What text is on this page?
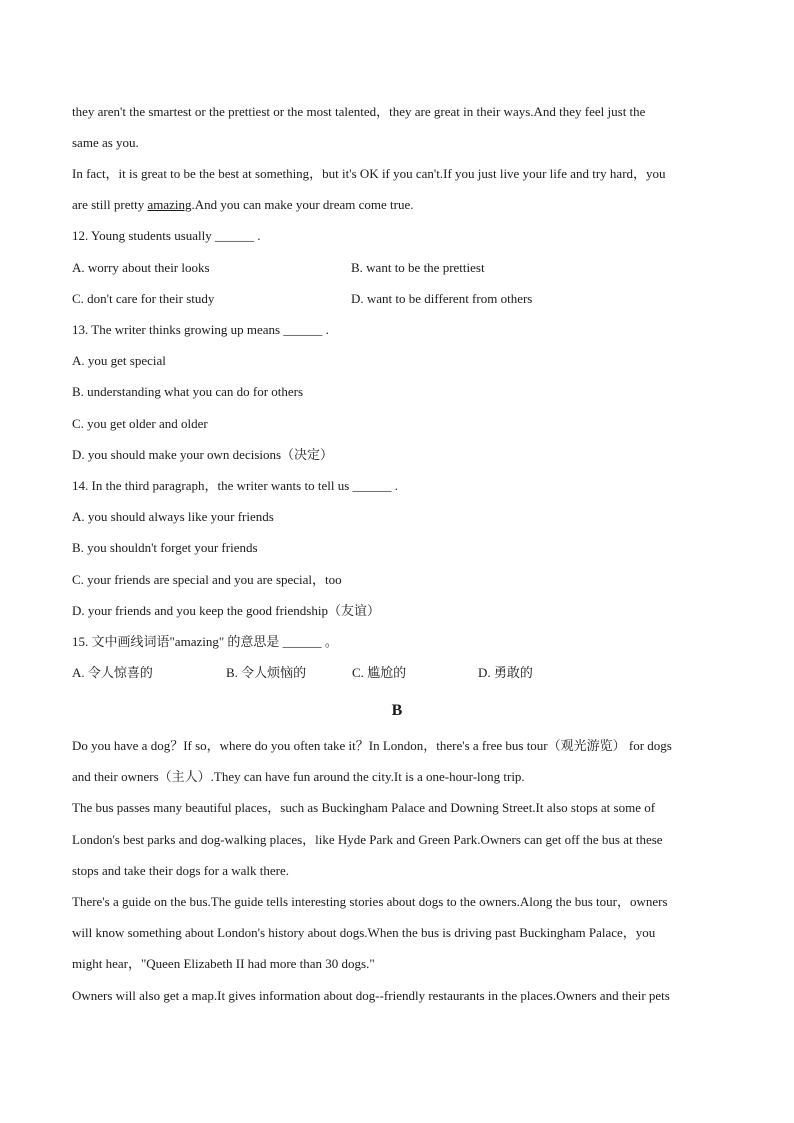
they aren't the smartest or the prettiest or the most talented，they are great in their ways.And they feel just the
same as you.
In fact，it is great to be the best at something，but it's OK if you can't.If you just live your life and try hard，you
are still pretty amazing.And you can make your dream come true.
12. Young students usually ______ .
A. worry about their looks	B. want to be the prettiest
C. don't care for their study	D. want to be different from others
13. The writer thinks growing up means ______ .
A. you get special
B. understanding what you can do for others
C. you get older and older
D. you should make your own decisions（决定）
14. In the third paragraph，the writer wants to tell us ______ .
A. you should always like your friends
B. you shouldn't forget your friends
C. your friends are special and you are special，too
D. your friends and you keep the good friendship（友谊）
15. 文中画线词语"amazing" 的意思是 ______ 。
A. 令人惊喜的	B. 令人烦恼的	C. 尴尬的	D. 勇敢的
B
Do you have a dog？If so，where do you often take it？In London，there's a free bus tour（观光游览） for dogs
and their owners（主人）.They can have fun around the city.It is a one-hour-long trip.
The bus passes many beautiful places，such as Buckingham Palace and Downing Street.It also stops at some of
London's best parks and dog-walking places，like Hyde Park and Green Park.Owners can get off the bus at these
stops and take their dogs for a walk there.
There's a guide on the bus.The guide tells interesting stories about dogs to the owners.Along the bus tour，owners
will know something about London's history about dogs.When the bus is driving past Buckingham Palace，you
might hear，"Queen Elizabeth II had more than 30 dogs."
Owners will also get a map.It gives information about dog--friendly restaurants in the places.Owners and their pets
